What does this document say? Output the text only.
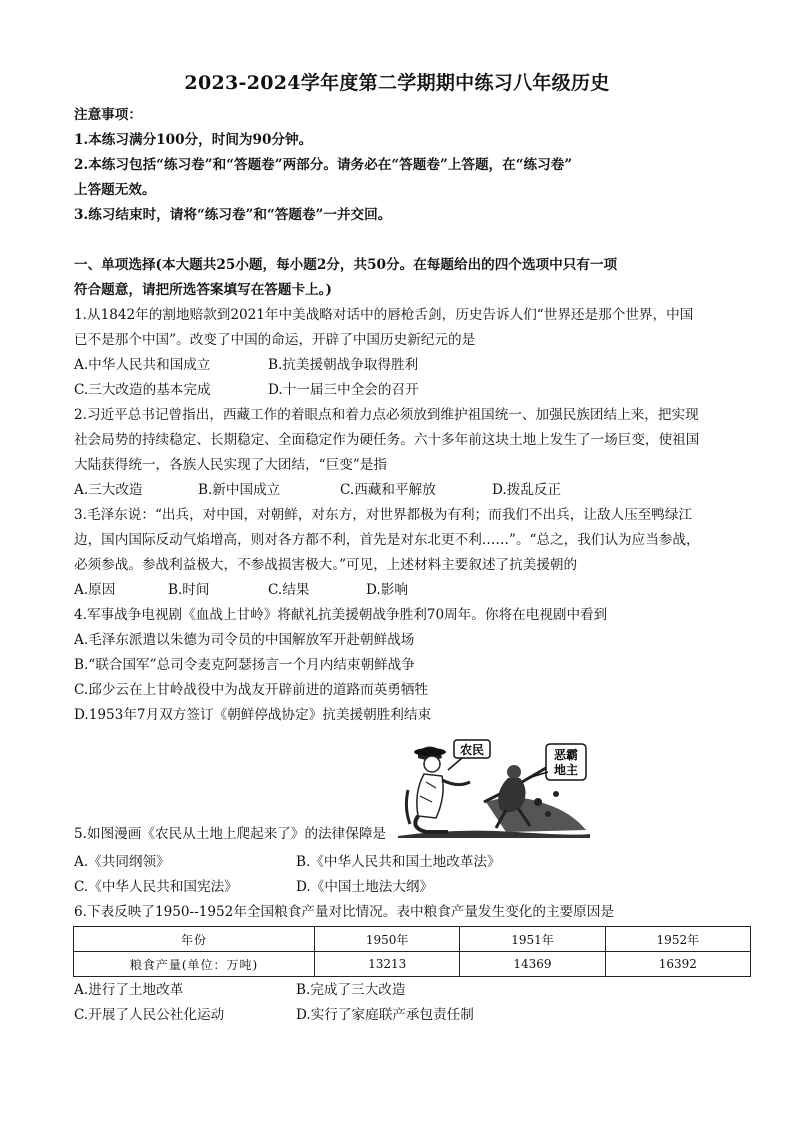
2023-2024学年度第二学期期中练习八年级历史
注意事项：
1.本练习满分100分，时间为90分钟。
2.本练习包括“练习卷”和“答题卷”两部分。请务必在“答题卷”上答题，在“练习卷”
上答题无效。
3.练习结束时，请将“练习卷”和“答题卷”一并交回。
一、单项选择(本大题共25小题，每小题2分，共50分。在每题给出的四个选项中只有一项
符合题意，请把所选答案填写在答题卡上。)
1.从1842年的割地赔款到2021年中美战略对话中的唇枪舌剑，历史告诉人们“世界还是那个世界，中国
已不是那个中国”。改变了中国的命运，开辟了中国历史新纪元的是
A.中华人民共和国成立	B.抗美援朝战争取得胜利
C.三大改造的基本完成	D.十一届三中全会的召开
2.习近平总书记曾指出，西藏工作的着眼点和着力点必须放到维护祖国统一、加强民族团结上来，把实现
社会局势的持续稳定、长期稳定、全面稳定作为硬任务。六十多年前这块土地上发生了一场巨变，使祖国
大陆获得统一，各族人民实现了大团结，“巨变”是指
A.三大改造	B.新中国成立	C.西藏和平解放	D.拨乱反正
3.毛泽东说：“出兵，对中国，对朝鲜，对东方，对世界都极为有利；而我们不出兵，让敌人压至鸭绿江
边，国内国际反动气焰增高，则对各方都不利，首先是对东北更不利……”。“总之，我们认为应当参战，
必须参战。参战利益极大，不参战损害极大。”可见，上述材料主要叙述了抗美援朝的
A.原因	B.时间	C.结果	D.影响
4.军事战争电视剧《血战上甘岭》将献礼抗美援朝战争胜利70周年。你将在电视剧中看到
A.毛泽东派遣以朱德为司令员的中国解放军开赴朝鲜战场
B.“联合国军”总司令麦克阿瑟扬言一个月内结束朝鲜战争
C.邱少云在上甘岭战役中为战友开辟前进的道路而英勇牺牲
D.1953年7月双方签订《朝鲜停战协定》抗美援朝胜利结束
农民	恶霸
地主
5.如图漫画《农民从土地上爬起来了》的法律保障是
A.《共同纲领》	B.《中华人民共和国土地改革法》
C.《中华人民共和国宪法》	D.《中国土地法大纲》
6.下表反映了1950--1952年全国粮食产量对比情况。表中粮食产量发生变化的主要原因是
年份	1950年	1951年	1952年
粮食产量(单位：万吨)	13213	14369	16392
A.进行了土地改革	B.完成了三大改造
C.开展了人民公社化运动	D.实行了家庭联产承包责任制
